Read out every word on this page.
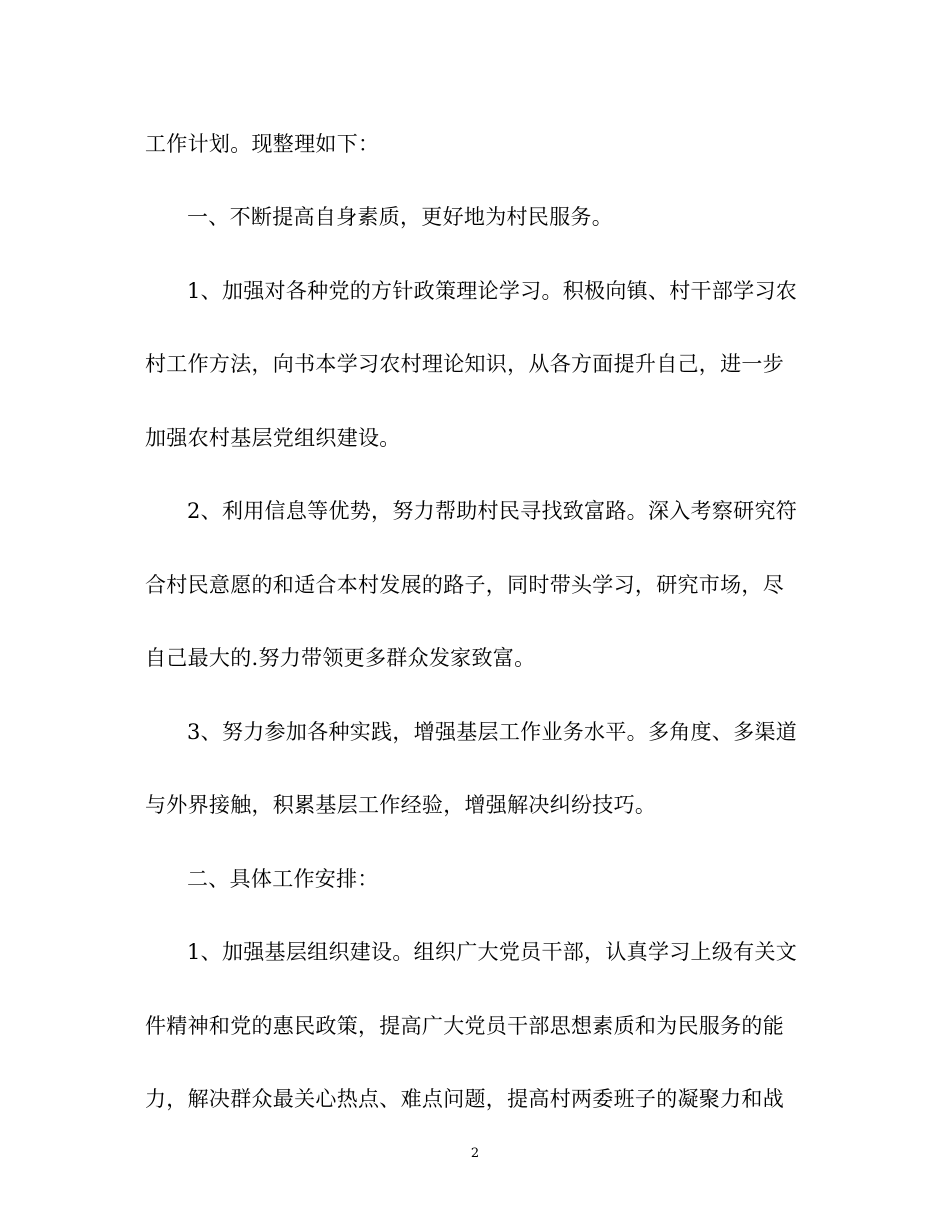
工作计划。现整理如下：
一、不断提高自身素质，更好地为村民服务。
1、加强对各种党的方针政策理论学习。积极向镇、村干部学习农
村工作方法，向书本学习农村理论知识，从各方面提升自己，进一步
加强农村基层党组织建设。
2、利用信息等优势，努力帮助村民寻找致富路。深入考察研究符
合村民意愿的和适合本村发展的路子，同时带头学习，研究市场，尽
自己最大的.努力带领更多群众发家致富。
3、努力参加各种实践，增强基层工作业务水平。多角度、多渠道
与外界接触，积累基层工作经验，增强解决纠纷技巧。
二、具体工作安排：
1、加强基层组织建设。组织广大党员干部，认真学习上级有关文
件精神和党的惠民政策，提高广大党员干部思想素质和为民服务的能
力，解决群众最关心热点、难点问题，提高村两委班子的凝聚力和战
2
